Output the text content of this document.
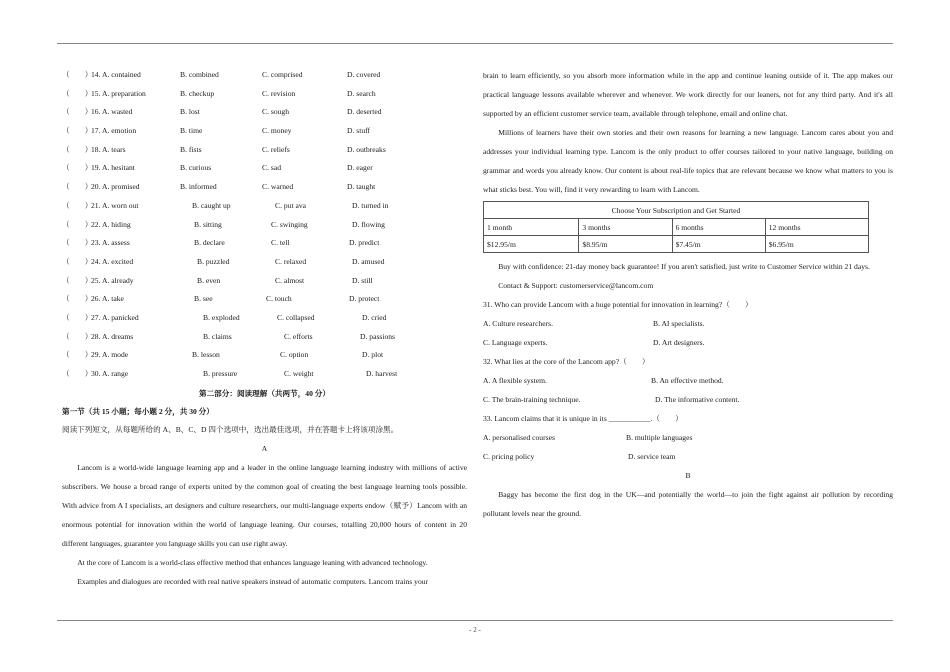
（　　）
14. A. contained	B. combined	C. comprised	D. covered
（　　）
15. A. preparation	B. checkup	C. revision	D. search
（　　）
16. A. wasted	B. lost	C. sough	D. deserted
（　　）
17. A. emotion	B. time	C. money	D. stuff
（　　）
18. A. tears	B. fists	C. reliefs	D. outbreaks
（　　）
19. A. hesitant	B. curious	C. sad	D. eager
（　　）
20. A. promised	B. informed	C. warned	D. taught
（　　）
21. A. worn out	B. caught up	C. put ava	D. turned in
（　　）
22. A. hiding	B. sitting	C. swinging	D. flowing
（　　）
23. A. assess	B. declare	C. tell	D. predict
（　　）
24. A. excited	B. puzzled	C. relaxed	D. amused
（　　）
25. A. already	B. even	C. almost	D. still
（　　）
26. A. take	B. see	C. touch	D. protect
（　　）
27. A. panicked	B. exploded	C. collapsed	D. cried
（　　）
28. A. dreams	B. claims	C. efforts	D. passions
（　　）
29. A. mode	B. lesson	C. option	D. plot
（　　）
30. A. range	B. pressure	C. weight	D. harvest
第二部分：阅读理解（共两节，40 分）
第一节（共 15 小题；每小题 2 分，共 30 分）
阅读下列短文，从每题所给的 A、B、C、D 四个选项中，选出最佳选项，并在答题卡上将该项涂黑。
A

Lancom is a world-wide language learning app and a leader in the online language learning industry with millions of active subscribers. We house a broad range of experts united by the common goal of creating the best language learning tools possible. With advice from A I specialists, art designers and culture researchers, our multi-language experts endow（赋予）Lancom with an enormous potential for innovation within the world of language leaning. Our courses, totalling 20,000 hours of content in 20 different languages, guarantee you language skills you can use right away.

At the core of Lancom is a world-class effective method that enhances language leaning with advanced technology.

Examples and dialogues are recorded with real native speakers instead of automatic computers. Lancom trains your

brain to learn efficiently, so you absorb more information while in the app and continue leaning outside of it. The app makes our practical language lessons available wherever and whenever. We work directly for our leaners, not for any third party. And it's all supported by an efficient customer service team, available through telephone, email and online chat.

Millions of learners have their own stories and their own reasons for learning a new language. Lancom cares about you and addresses your individual learning type. Lancom is the only product to offer courses tailored to your native language, building on grammar and words you already know. Our content is about real-life topics that are relevant because we know what matters to you is what sticks best. You will, find it very rewarding to learn with Lancom.

Choose Your Subscription and Get Started			
1 month	3 months	6 months	12 months
$12.95/m	$8.95/m	$7.45/m	$6.95/m

Buy with confidence: 21-day money back guarantee! If you aren't satisfied, just write to Customer Service within 21 days.

Contact & Support: customerservice@lancom.com

31. Who can provide Lancom with a huge potential for innovation in learning?（　　）
A. Culture researchers.	B. AI specialists.
C. Language experts.	D. Art designers.
32. What lies at the core of the Lancom app?（　　）
A. A flexible system.	B. An effective method.
C. The brain-training technique.	D. The informative content.
33. Lancom claims that it is unique in its ___________.（　　）
A. personalised courses	B. multiple languages
C. pricing policy	D. service team
B

Baggy has become the first dog in the UK—and potentially the world—to join the fight against air pollution by recording pollutant levels near the ground.

- 2 -
